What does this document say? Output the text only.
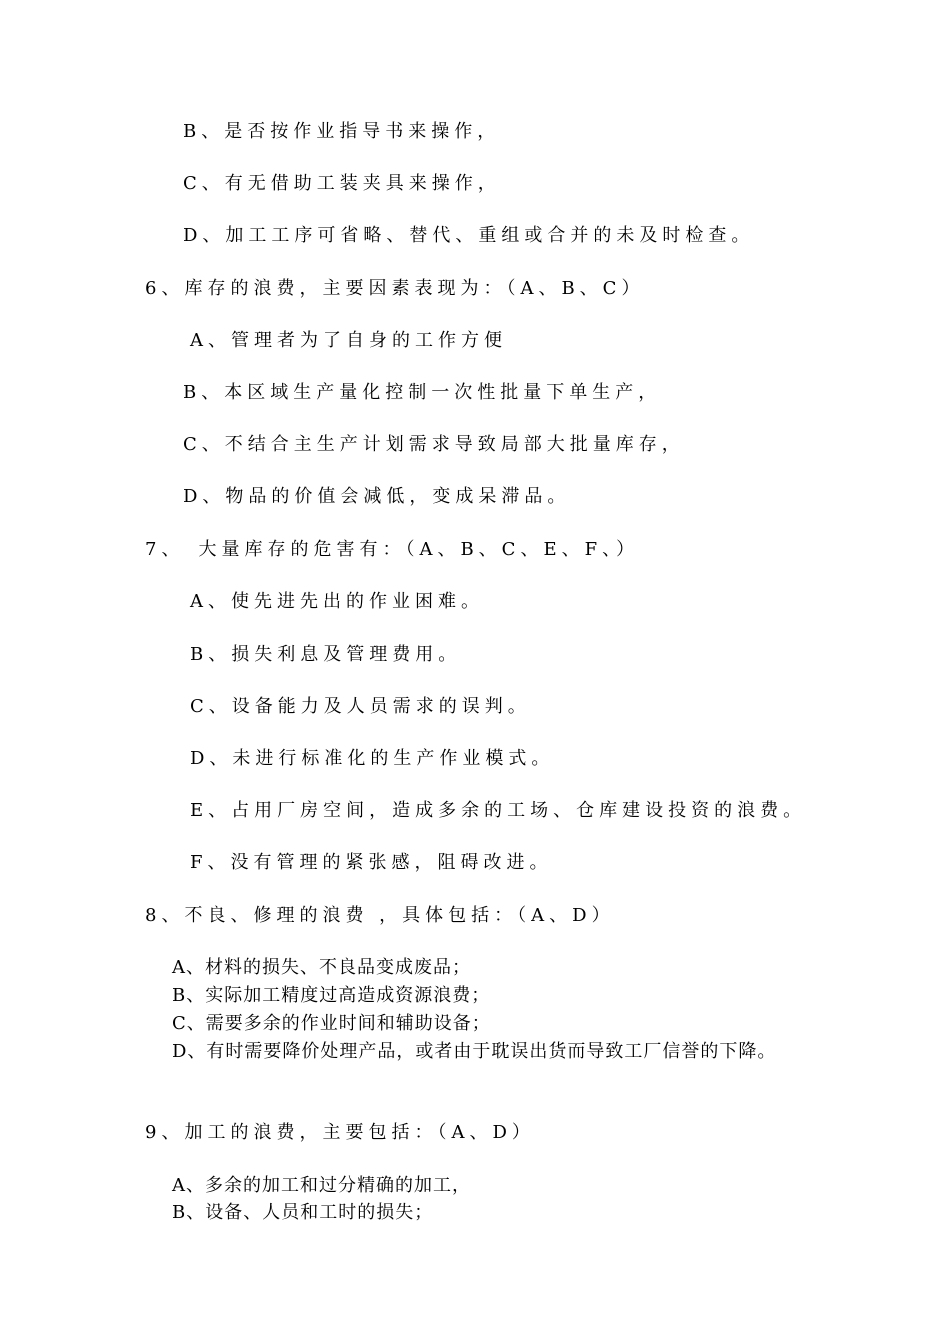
B、是否按作业指导书来操作，
C、有无借助工装夹具来操作，
D、加工工序可省略、替代、重组或合并的未及时检查。
6、库存的浪费，主要因素表现为：（A、B、C）
A、管理者为了自身的工作方便
B、本区域生产量化控制一次性批量下单生产，
C、不结合主生产计划需求导致局部大批量库存，
D、物品的价值会减低，变成呆滞品。
7、　大量库存的危害有：（A、B、C、E、F、）
A、使先进先出的作业困难。
B、损失利息及管理费用。
C、设备能力及人员需求的误判。
D、未进行标准化的生产作业模式。
E、占用厂房空间，造成多余的工场、仓库建设投资的浪费。
F、没有管理的紧张感，阻碍改进。
8、不良、修理的浪费 ，具体包括：（A、D）
A、材料的损失、不良品变成废品；
B、实际加工精度过高造成资源浪费；
C、需要多余的作业时间和辅助设备；
D、有时需要降价处理产品，或者由于耽误出货而导致工厂信誉的下降。
9、加工的浪费，主要包括：（A、D）
A、多余的加工和过分精确的加工，
B、设备、人员和工时的损失；
